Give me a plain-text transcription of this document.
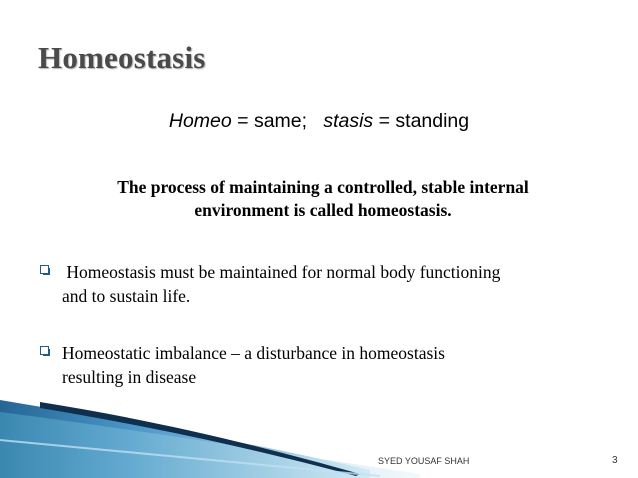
Homeostasis
Homeo = same;   stasis = standing
The process of maintaining a controlled, stable internal
environment is called homeostasis.
Homeostasis must be maintained for normal body functioning
and to sustain life.
Homeostatic imbalance – a disturbance in homeostasis
resulting in disease
SYED YOUSAF SHAH	3
